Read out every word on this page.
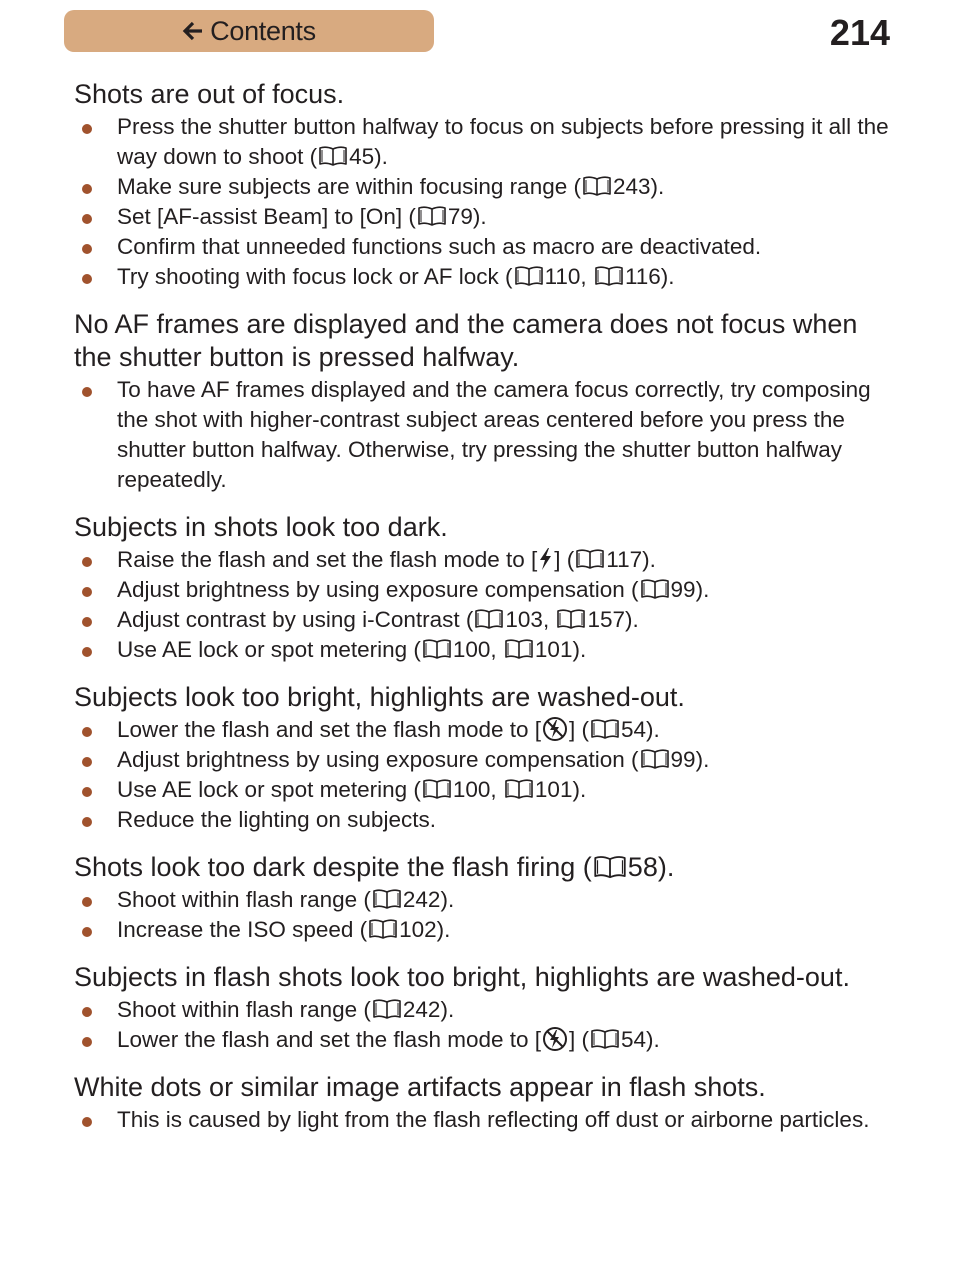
Contents	214
Shots are out of focus.
Press the shutter button halfway to focus on subjects before pressing it all the way down to shoot ( 45).
Make sure subjects are within focusing range ( 243).
Set [AF-assist Beam] to [On] ( 79).
Confirm that unneeded functions such as macro are deactivated.
Try shooting with focus lock or AF lock ( 110,
116).
No AF frames are displayed and the camera does not focus when the shutter button is pressed halfway.
To have AF frames displayed and the camera focus correctly, try composing the shot with higher-contrast subject areas centered before you press the shutter button halfway. Otherwise, try pressing the shutter button halfway repeatedly.
Subjects in shots look too dark.
Raise the flash and set the flash mode to [ ] ( 117).
Adjust brightness by using exposure compensation ( 99).
Adjust contrast by using i-Contrast ( 103,
157).
Use AE lock or spot metering ( 100,
101).
Subjects look too bright, highlights are washed-out.
Lower the flash and set the flash mode to [ ] ( 54).
Adjust brightness by using exposure compensation ( 99).
Use AE lock or spot metering ( 100,
101).
Reduce the lighting on subjects.
Shots look too dark despite the flash firing ( 58).
Shoot within flash range ( 242).
Increase the ISO speed ( 102).
Subjects in flash shots look too bright, highlights are washed-out.
Shoot within flash range ( 242).
Lower the flash and set the flash mode to [ ] ( 54).
White dots or similar image artifacts appear in flash shots.
This is caused by light from the flash reflecting off dust or airborne particles.
